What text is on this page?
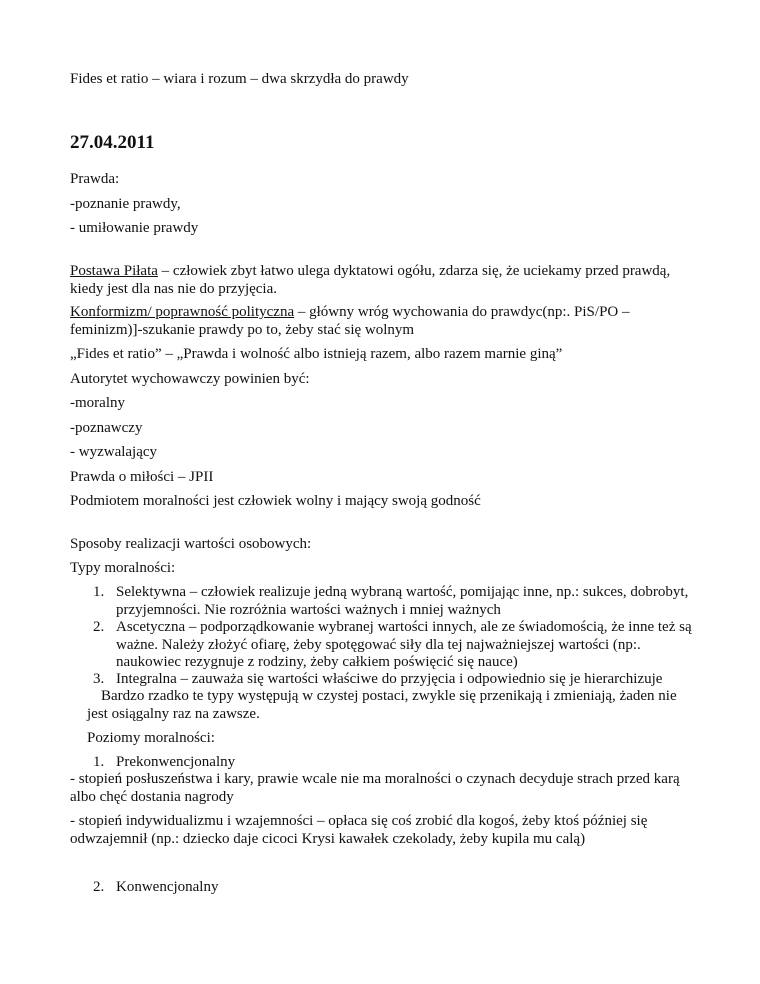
Fides et ratio – wiara i rozum – dwa skrzydła do prawdy
27.04.2011
Prawda:
-poznanie prawdy,
- umiłowanie prawdy
Postawa Piłata – człowiek zbyt łatwo ulega dyktatowi ogółu, zdarza się, że uciekamy przed prawdą,
kiedy jest dla nas nie do przyjęcia.
Konformizm/ poprawność polityczna – główny wróg wychowania do prawdyc(np:. PiS/PO –
feminizm)]-szukanie prawdy po to, żeby stać się wolnym
„Fides et ratio” – „Prawda i wolność albo istnieją razem, albo razem marnie giną”
Autorytet wychowawczy powinien być:
-moralny
-poznawczy
- wyzwalający
Prawda o miłości – JPII
Podmiotem moralności jest człowiek wolny i mający swoją godność
Sposoby realizacji wartości osobowych:
Typy moralności:
1. Selektywna – człowiek realizuje jedną wybraną wartość, pomijając inne, np.: sukces, dobrobyt,
przyjemności. Nie rozróżnia wartości ważnych i mniej ważnych
2. Ascetyczna – podporządkowanie wybranej wartości innych, ale ze świadomością, że inne też są
ważne. Należy złożyć ofiarę, żeby spotęgować siły dla tej najważniejszej wartości (np:.
naukowiec rezygnuje z rodziny, żeby całkiem poświęcić się nauce)
3. Integralna – zauważa się wartości właściwe do przyjęcia i odpowiednio się je hierarchizuje
Bardzo rzadko te typy występują w czystej postaci, zwykle się przenikają i zmieniają, żaden nie
jest osiągalny raz na zawsze.
Poziomy moralności:
1. Prekonwencjonalny
- stopień posłuszeństwa i kary, prawie wcale nie ma moralności o czynach decyduje strach przed karą
albo chęć dostania nagrody
- stopień indywidualizmu i wzajemności – opłaca się coś zrobić dla kogoś, żeby ktoś później się
odwzajemnił (np.: dziecko daje cicoci Krysi kawałek czekolady, żeby kupila mu calą)
2. Konwencjonalny
